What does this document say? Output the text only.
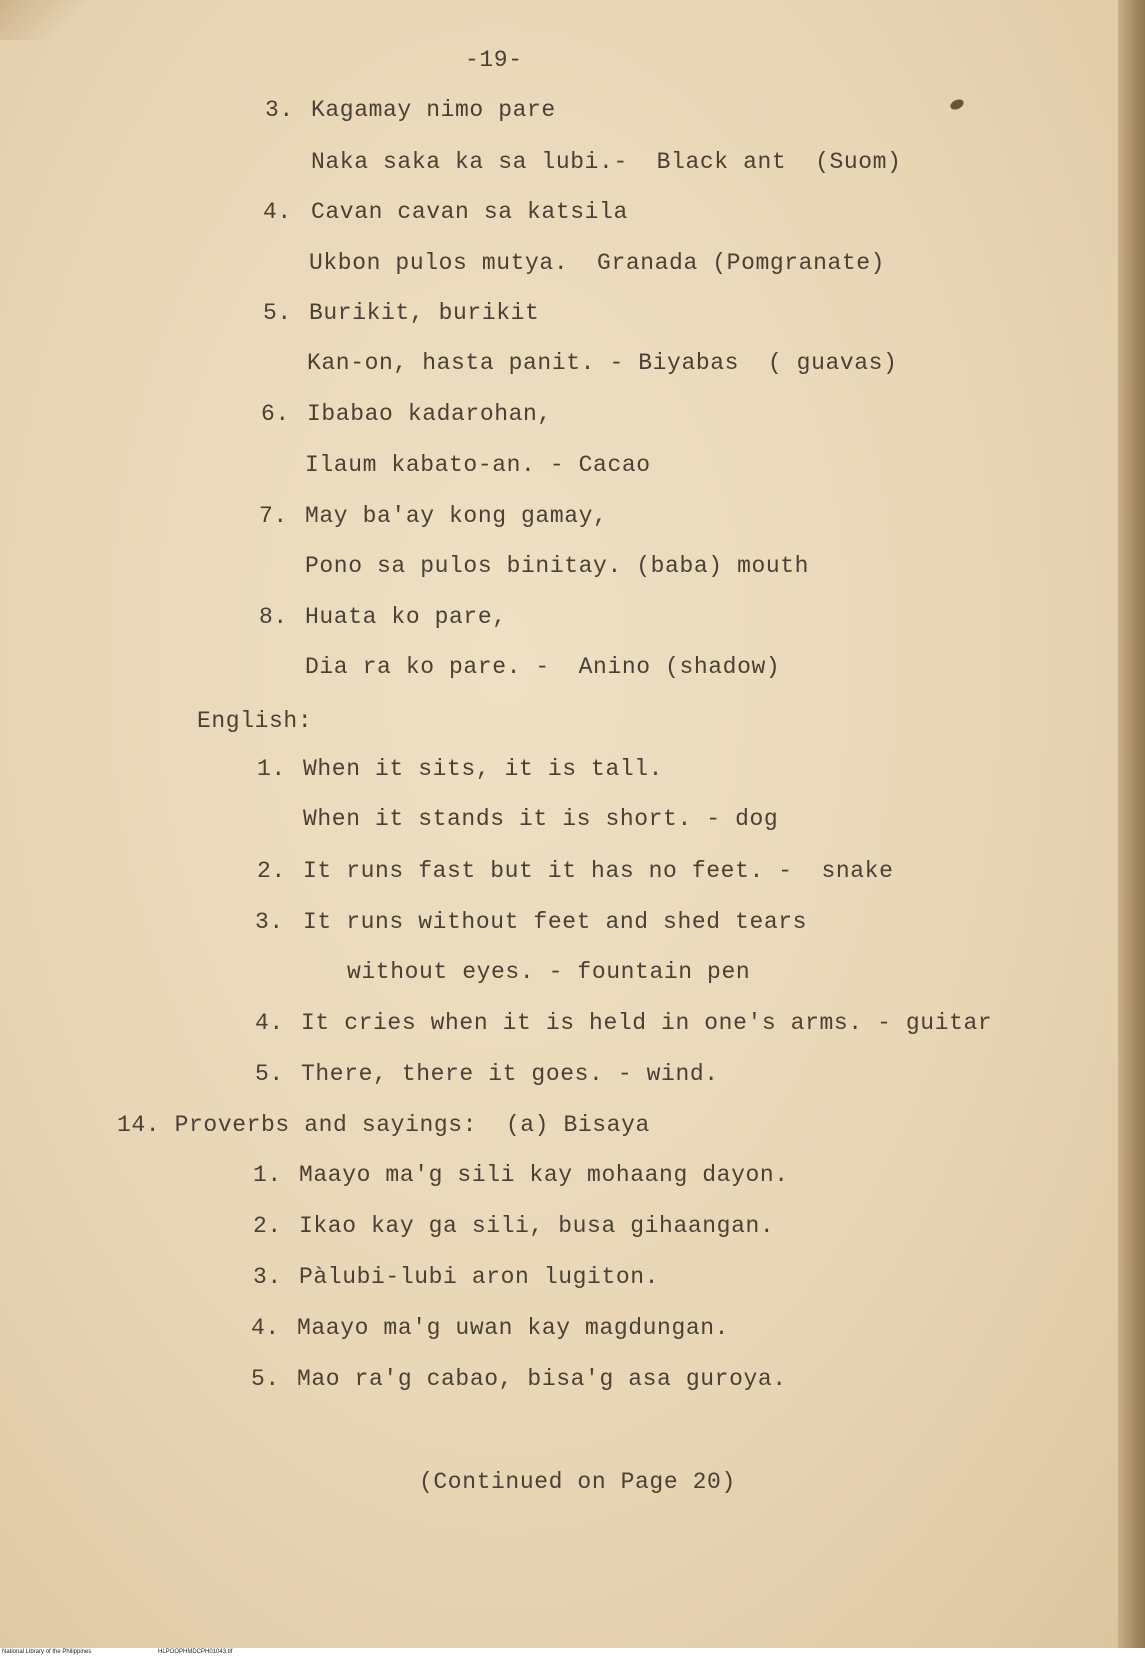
-19-
3. Kagamay nimo pare
Naka saka ka sa lubi.-  Black ant  (Suom)
4. Cavan cavan sa katsila
Ukbon pulos mutya.  Granada (Pomgranate)
5. Burikit, burikit
Kan-on, hasta panit. - Biyabas  ( guavas)
6. Ibabao kadarohan,
Ilaum kabato-an. - Cacao
7. May ba'ay kong gamay,
Pono sa pulos binitay. (baba) mouth
8. Huata ko pare,
Dia ra ko pare. -  Anino (shadow)
English:
1. When it sits, it is tall.
When it stands it is short. - dog
2. It runs fast but it has no feet. -  snake
3. It runs without feet and shed tears
without eyes. - fountain pen
4. It cries when it is held in one's arms. - guitar
5. There, there it goes. - wind.
14. Proverbs and sayings:  (a) Bisaya
1. Maayo ma'g sili kay mohaang dayon.
2. Ikao kay ga sili, busa gihaangan.
3. Pàlubi-lubi aron lugiton.
4. Maayo ma'g uwan kay magdungan.
5. Mao ra'g cabao, bisa'g asa guroya.
(Continued on Page 20)
National Library of the Philippines	HLPOOPHMDCPH01043.tif
